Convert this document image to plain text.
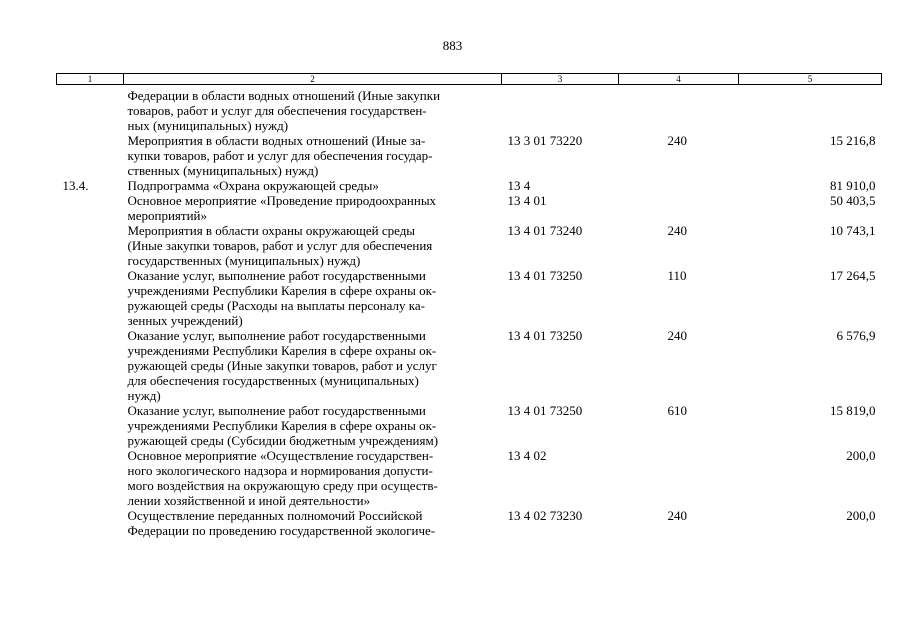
883
1	2	3	4	5

	Федерации в области водных отношений (Иные закупки
товаров, работ и услуг для обеспечения государствен-
ных (муниципальных) нужд)			

	Мероприятия в области водных отношений (Иные за-
купки товаров, работ и услуг для обеспечения государ-
ственных (муниципальных) нужд)	13 3 01 73220	240	15 216,8
13.4.	Подпрограмма «Охрана окружающей среды»	13 4		81 910,0

	Основное мероприятие «Проведение природоохранных
мероприятий»	13 4 01		50 403,5

	Мероприятия в области охраны окружающей среды
(Иные закупки товаров, работ и услуг для обеспечения
государственных (муниципальных) нужд)	13 4 01 73240	240	10 743,1

	Оказание услуг, выполнение работ государственными
учреждениями Республики Карелия в сфере охраны ок-
ружающей среды (Расходы на выплаты персоналу ка-
зенных учреждений)	13 4 01 73250	110	17 264,5

	Оказание услуг, выполнение работ государственными
учреждениями Республики Карелия в сфере охраны ок-
ружающей среды (Иные закупки товаров, работ и услуг
для обеспечения государственных (муниципальных)
нужд)	13 4 01 73250	240	6 576,9

	Оказание услуг, выполнение работ государственными
учреждениями Республики Карелия в сфере охраны ок-
ружающей среды (Субсидии бюджетным учреждениям)	13 4 01 73250	610	15 819,0

	Основное мероприятие «Осуществление государствен-
ного экологического надзора и нормирования допусти-
мого воздействия на окружающую среду при осуществ-
лении хозяйственной и иной деятельности»	13 4 02		200,0

	Осуществление переданных полномочий Российской
Федерации по проведению государственной экологиче-	13 4 02 73230	240	200,0
